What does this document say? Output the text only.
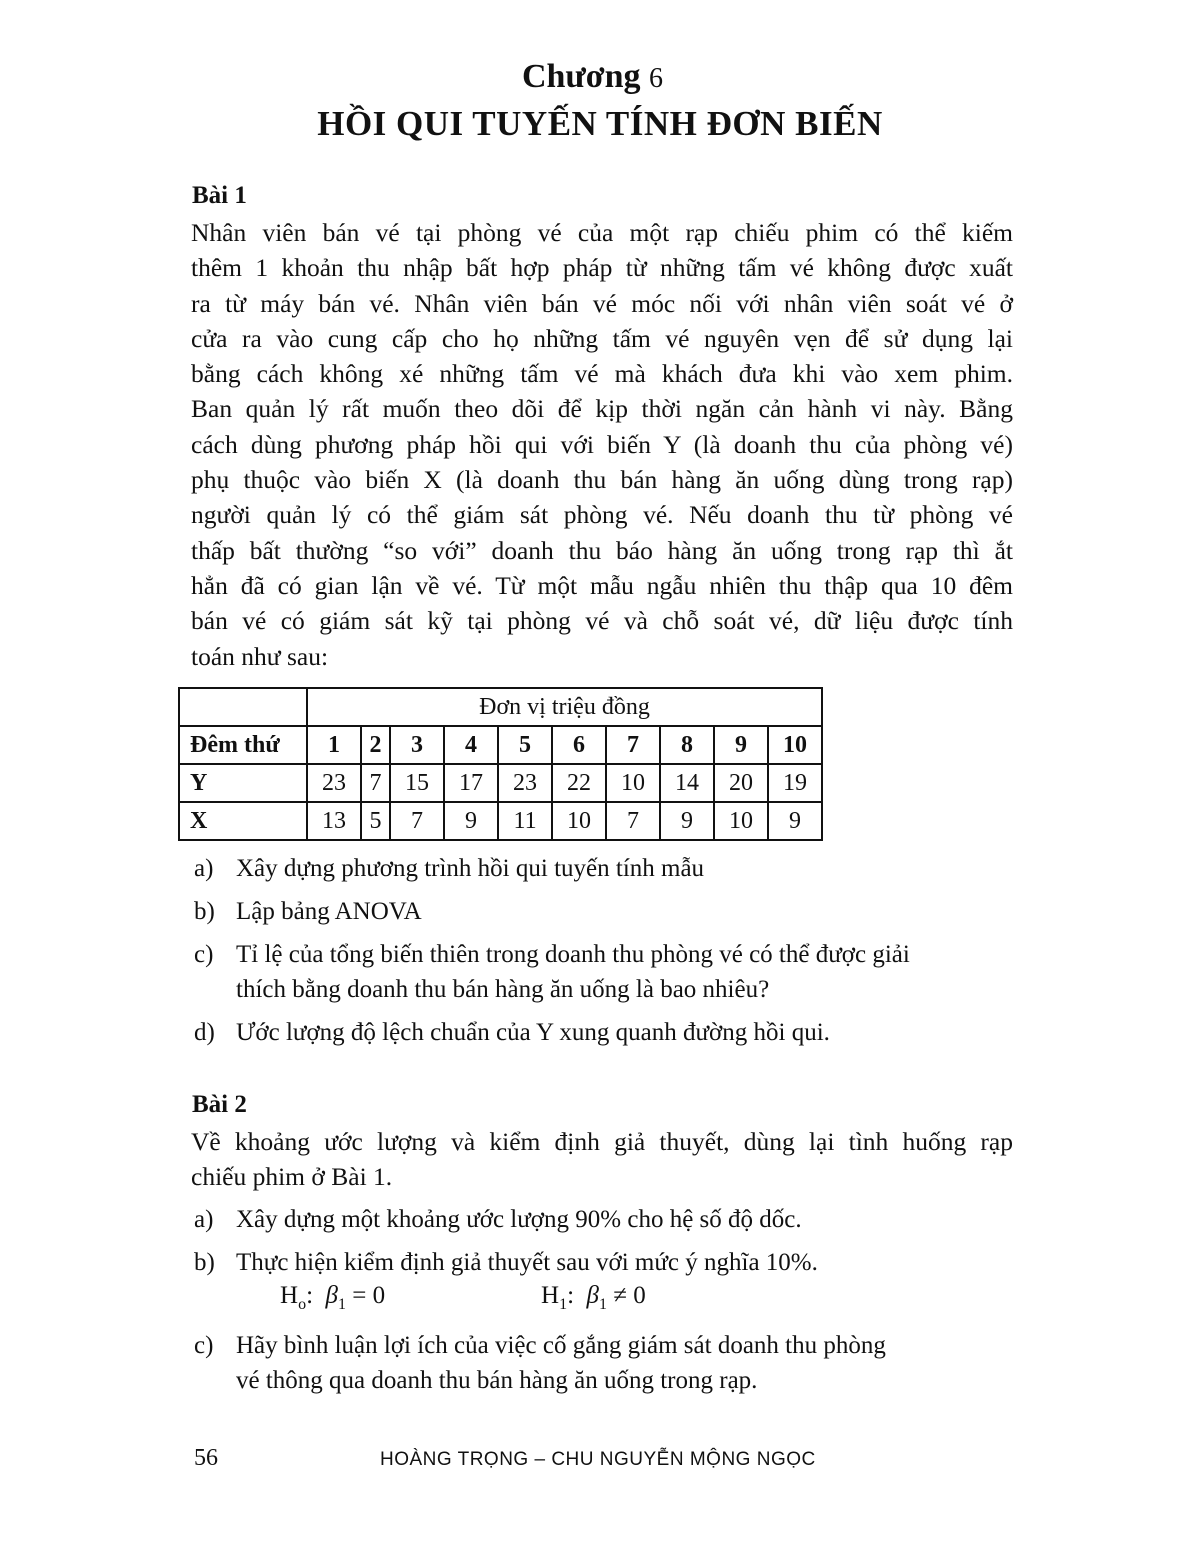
Chương 6
HỒI QUI TUYẾN TÍNH ĐƠN BIẾN
Bài 1
Nhân viên bán vé tại phòng vé của một rạp chiếu phim có thể kiếm
thêm 1 khoản thu nhập bất hợp pháp từ những tấm vé không được xuất
ra từ máy bán vé. Nhân viên bán vé móc nối với nhân viên soát vé ở
cửa ra vào cung cấp cho họ những tấm vé nguyên vẹn để sử dụng lại
bằng cách không xé những tấm vé mà khách đưa khi vào xem phim.
Ban quản lý rất muốn theo dõi để kịp thời ngăn cản hành vi này. Bằng
cách dùng phương pháp hồi qui với biến Y (là doanh thu của phòng vé)
phụ thuộc vào biến X (là doanh thu bán hàng ăn uống dùng trong rạp)
người quản lý có thể giám sát phòng vé. Nếu doanh thu từ phòng vé
thấp bất thường “so với” doanh thu báo hàng ăn uống trong rạp thì ắt
hẳn đã có gian lận về vé. Từ một mẫu ngẫu nhiên thu thập qua 10 đêm
bán vé có giám sát kỹ tại phòng vé và chỗ soát vé, dữ liệu được tính
toán như sau:
	Đơn vị triệu đồng									
Đêm thứ	1	2	3	4	5	6	7	8	9	10
Y	23	7	15	17	23	22	10	14	20	19
X	13	5	7	9	11	10	7	9	10	9
a) Xây dựng phương trình hồi qui tuyến tính mẫu
b) Lập bảng ANOVA
c) Tỉ lệ của tổng biến thiên trong doanh thu phòng vé có thể được giải
thích bằng doanh thu bán hàng ăn uống là bao nhiêu?
d) Ước lượng độ lệch chuẩn của Y xung quanh đường hồi qui.
Bài 2
Về khoảng ước lượng và kiểm định giả thuyết, dùng lại tình huống rạp
chiếu phim ở Bài 1.
a) Xây dựng một khoảng ước lượng 90% cho hệ số độ dốc.
b) Thực hiện kiểm định giả thuyết sau với mức ý nghĩa 10%.
$H_o$: $\beta_1 = 0$	$H_1$: $\beta_1 \ne 0$
c) Hãy bình luận lợi ích của việc cố gắng giám sát doanh thu phòng
vé thông qua doanh thu bán hàng ăn uống trong rạp.
56	HOÀNG TRỌNG – CHU NGUYỄN MỘNG NGỌC
